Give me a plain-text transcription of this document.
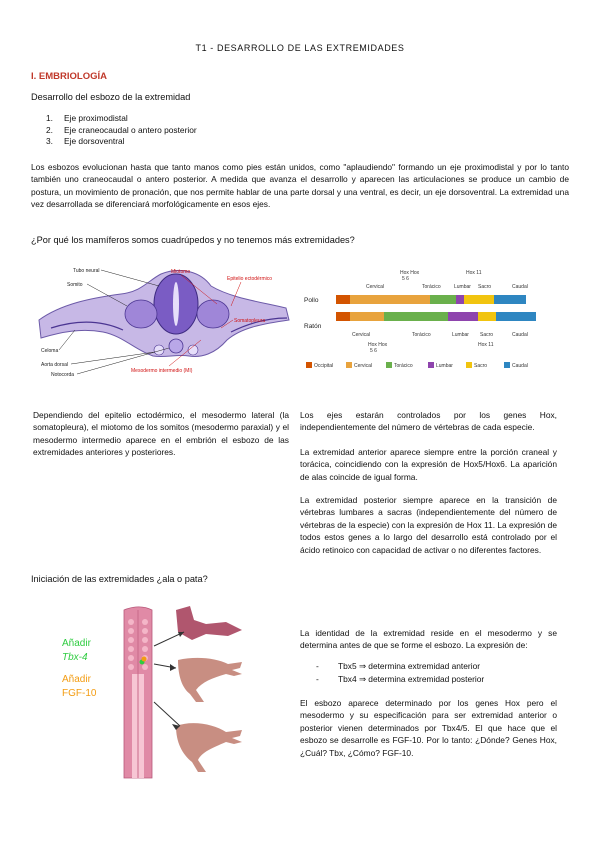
T1 - DESARROLLO DE LAS EXTREMIDADES
I. EMBRIOLOGÍA
Desarrollo del esbozo de la extremidad
1. Eje proximodistal
2. Eje craneocaudal o antero posterior
3. Eje dorsoventral
Los esbozos evolucionan hasta que tanto manos como pies están unidos, como "aplaudiendo" formando un eje proximodistal y por lo tanto también uno craneocaudal o antero posterior. A medida que avanza el desarrollo y aparecen las articulaciones se produce un cambio de postura, un movimiento de pronación, que nos permite hablar de una parte dorsal y una ventral, es decir, un eje dorsoventral. La extremidad una vez desarrollada se diferenciará morfológicamente en esos ejes.
¿Por qué los mamíferos somos cuadrúpedos y no tenemos más extremidades?
Tubo neural
Somito
Celoma
Aorta dorsal
Notocorda
Miotomo
Epitelio ectodérmico
Somatopleura
Mesodermo intermedio (MI)
Hox Hox
5 6
Hox 11
Cervical	Torácico	Lumbar Sacro	Caudal
Pollo
Ratón
Cervical	Torácico	Lumbar Sacro	Caudal
Hox Hox
5 6
Hox 11
Occipital	Cervical	Torácico	Lumbar	Sacro	Caudal
Dependiendo del epitelio ectodérmico, el mesodermo lateral (la somatopleura), el miotomo de los somitos (mesodermo paraxial) y el mesodermo intermedio aparece en el embrión el esbozo de las extremidades anteriores y posteriores.
Los ejes estarán controlados por los genes Hox, independientemente del número de vértebras de cada especie.
La extremidad anterior aparece siempre entre la porción craneal y torácica, coincidiendo con la expresión de Hox5/Hox6. La aparición de alas coincide de igual forma.
La extremidad posterior siempre aparece en la transición de vértebras lumbares a sacras (independientemente del número de vértebras de la especie) con la expresión de Hox 11. La expresión de todos estos genes a lo largo del desarrollo está controlado por el ácido retinoico con capacidad de activar o no diferentes factores.
Iniciación de las extremidades ¿ala o pata?
Añadir
Tbx-4
Añadir
FGF-10
La identidad de la extremidad reside en el mesodermo y se determina antes de que se forme el esbozo. La expresión de:
- Tbx5 ⇒ determina extremidad anterior
- Tbx4 ⇒ determina extremidad posterior
El esbozo aparece determinado por los genes Hox pero el mesodermo y su especificación para ser extremidad anterior o posterior vienen determinados por Tbx4/5. El que hace que el esbozo se desarrolle es FGF-10. Por lo tanto: ¿Dónde? Genes Hox, ¿Cuál? Tbx, ¿Cómo? FGF-10.
